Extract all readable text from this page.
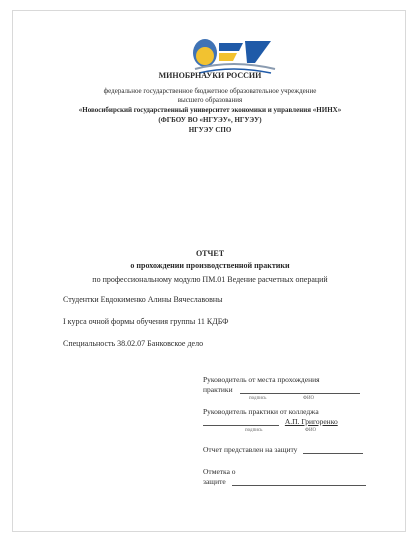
МИНОБРНАУКИ РОССИИ
федеральное государственное бюджетное образовательное учреждение
высшего образования
«Новосибирский государственный университет экономики и управления «НИНХ»
(ФГБОУ ВО «НГУЭУ», НГУЭУ)
НГУЭУ СПО
ОТЧЕТ
о прохождении производственной практики
по профессиональному модулю ПМ.01 Ведение расчетных операций
Студентки Евдокименко Алины Вячеславовны
I курса очной формы обучения группы 11 КДБФ
Специальность 38.02.07 Банковское дело
Руководитель от места прохождения
практики
подпись	ФИО
Руководитель практики от колледжа
А.П. Григоренко
подпись	ФИО
Отчет представлен на защиту
Отметка о
защите
